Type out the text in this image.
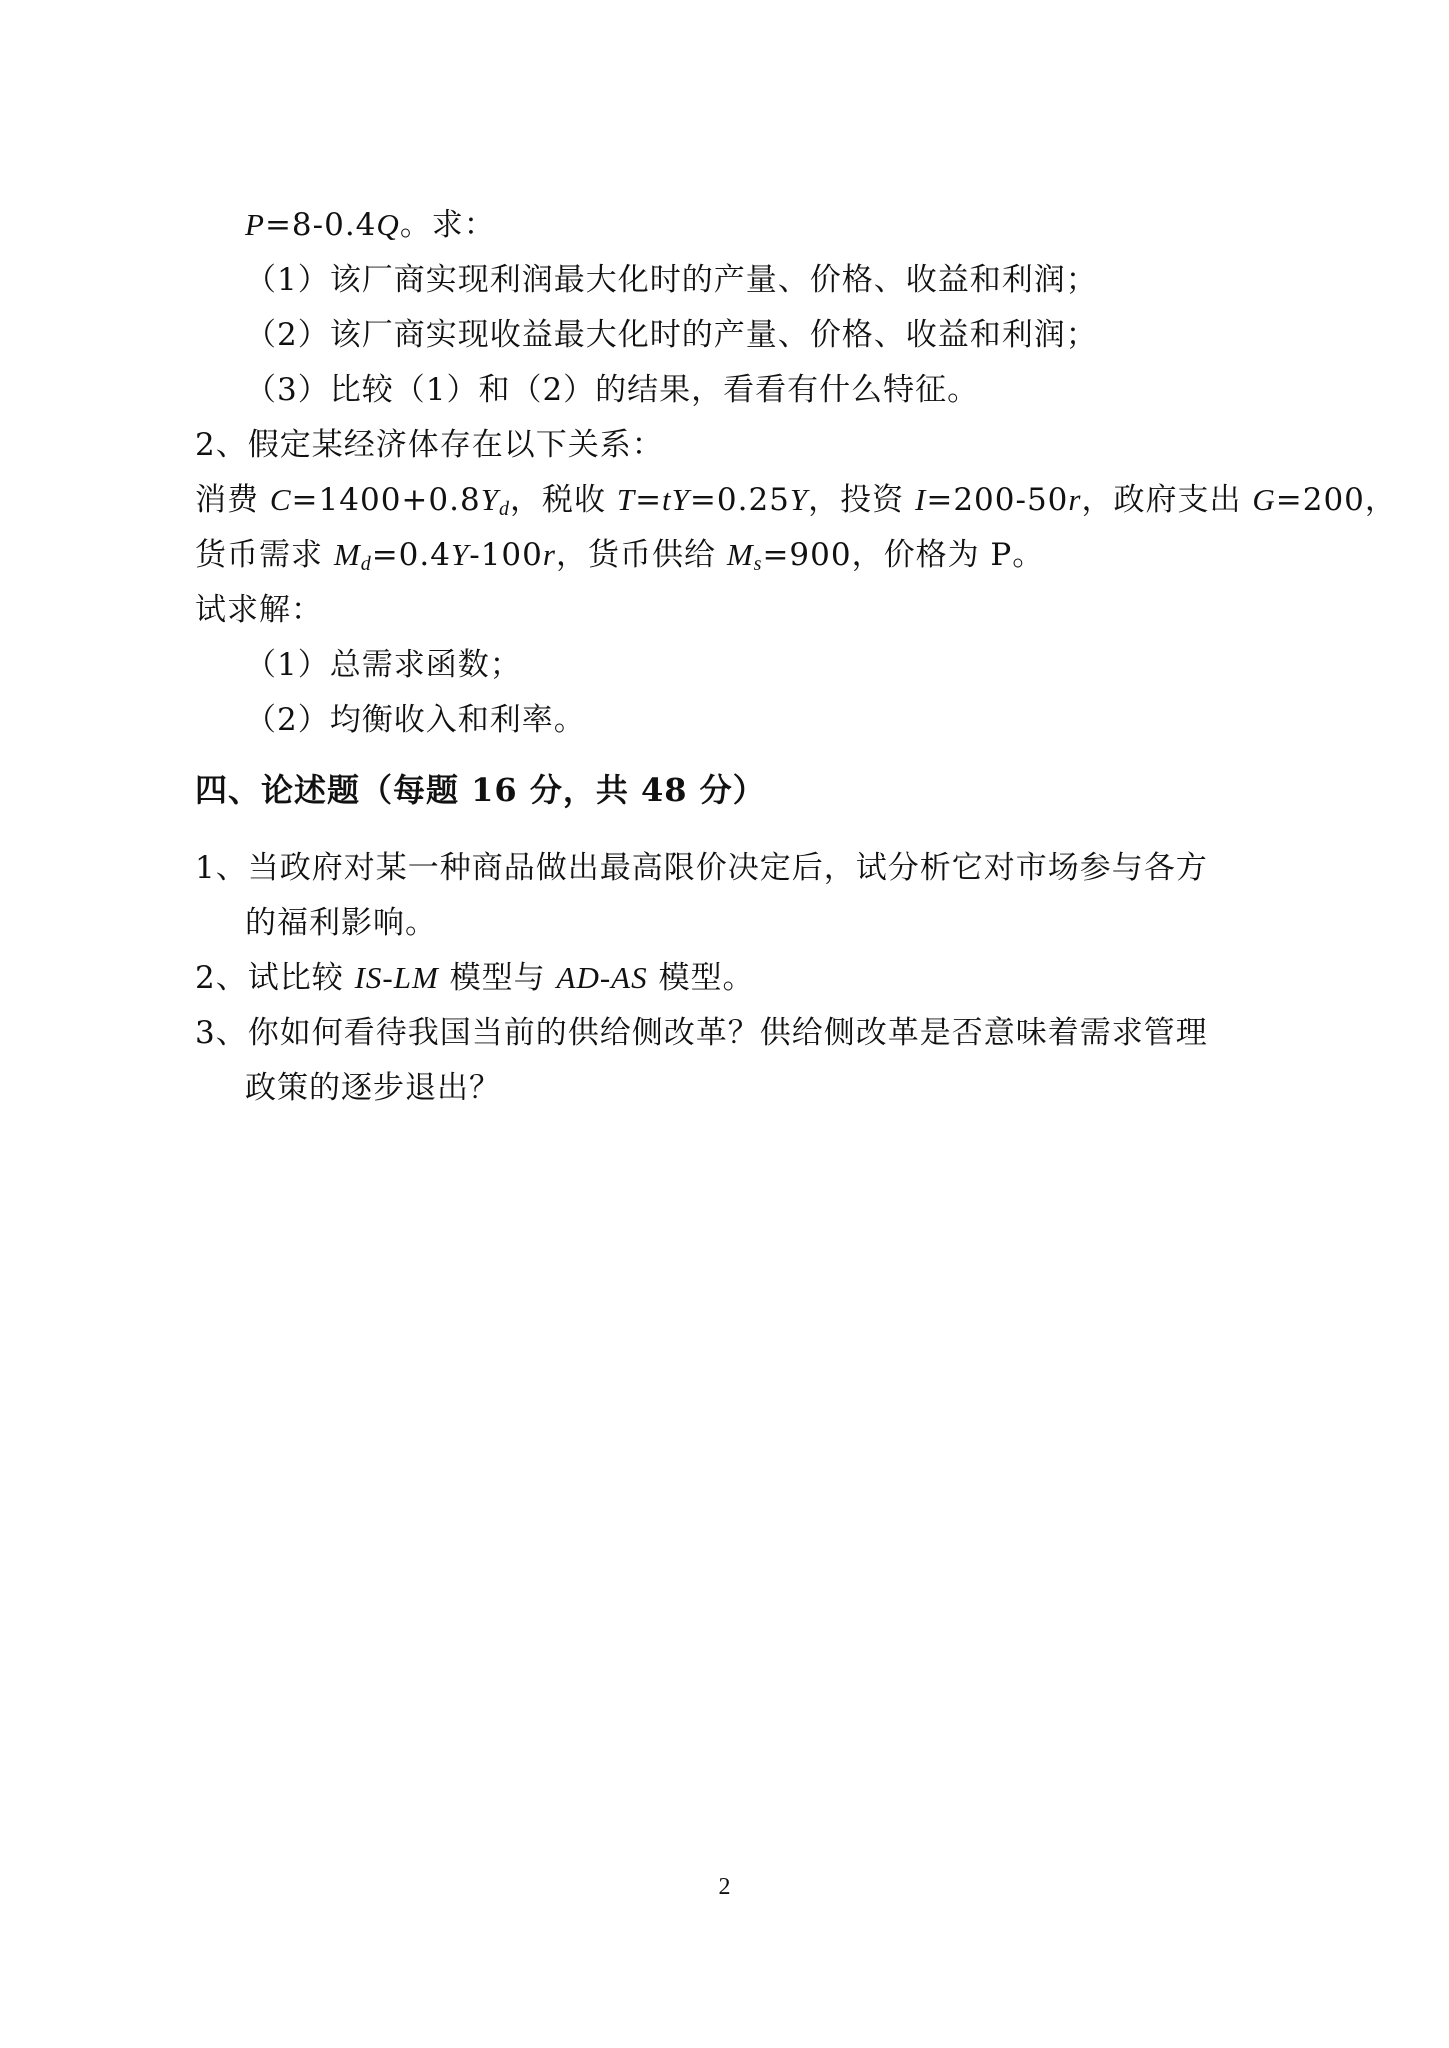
P=8-0.4Q。求：
（1）该厂商实现利润最大化时的产量、价格、收益和利润；
（2）该厂商实现收益最大化时的产量、价格、收益和利润；
（3）比较（1）和（2）的结果，看看有什么特征。
2、假定某经济体存在以下关系：
消费 $C=1400+0.8Y_d$，税收 T=tY=0.25Y，投资 I=200-50r，政府支出 G=200，
货币需求 $M_d=0.4Y-100r$，货币供给 $M_s=900$，价格为 P。
试求解：
（1）总需求函数；
（2）均衡收入和利率。
四、论述题（每题 16 分，共 48 分）
1、当政府对某一种商品做出最高限价决定后，试分析它对市场参与各方
的福利影响。
2、试比较 IS-LM 模型与 AD-AS 模型。
3、你如何看待我国当前的供给侧改革？供给侧改革是否意味着需求管理
政策的逐步退出？
2
